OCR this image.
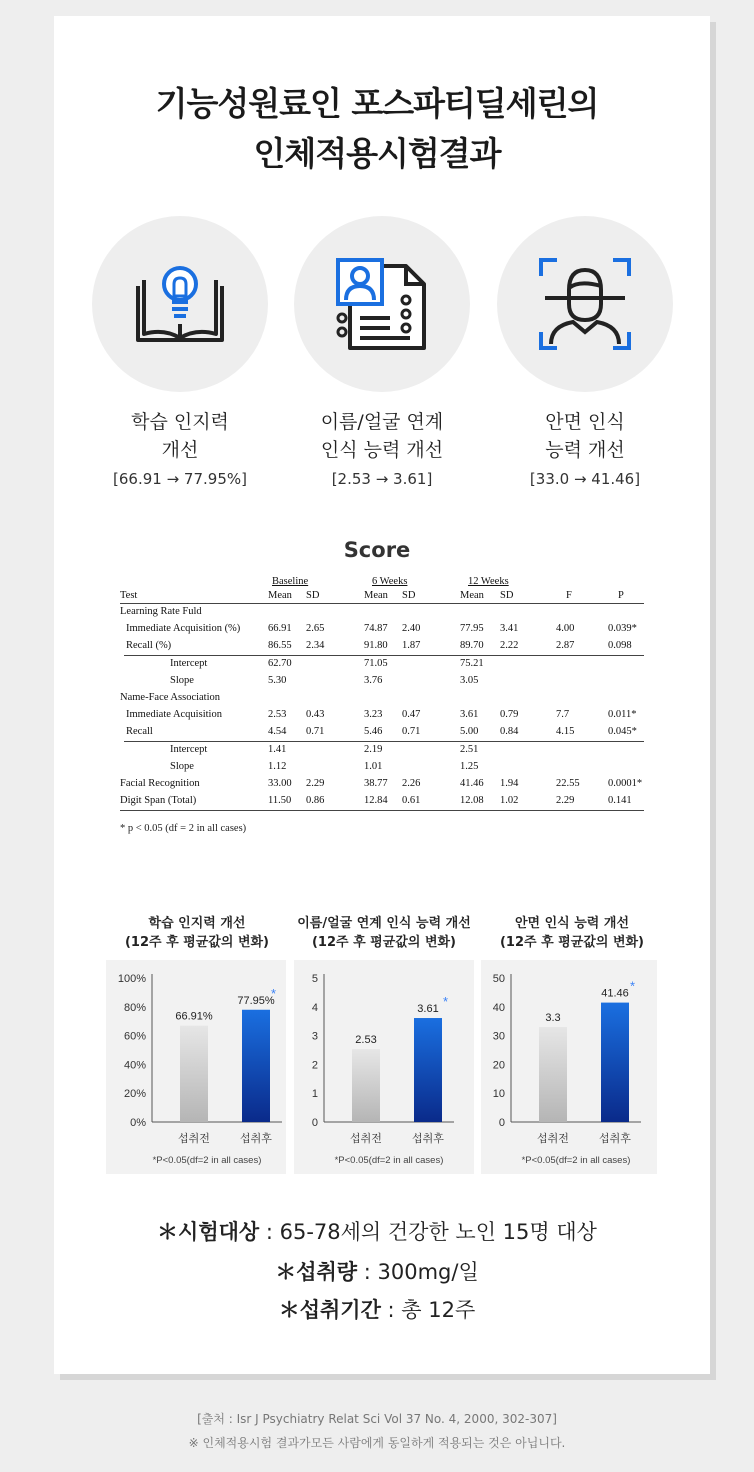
기능성원료인 포스파티딜세린의
인체적용시험결과
학습 인지력
개선
[66.91 → 77.95%]
이름/얼굴 연계
인식 능력 개선
[2.53 → 3.61]
안면 인식
능력 개선
[33.0 → 41.46]
Score
Baseline	6 Weeks	12 Weeks
Test	Mean SD	Mean SD	Mean SD	F	P
Learning Rate Fuld
Immediate Acquisition (%)	66.91 2.65	74.87 2.40	77.95 3.41	4.00	0.039*
Recall (%)	86.55 2.34	91.80 1.87	89.70 2.22	2.87	0.098
Intercept	62.70	71.05	75.21
Slope	5.30	3.76	3.05
Name-Face Association
Immediate Acquisition	2.53 0.43	3.23 0.47	3.61 0.79	7.7	0.011*
Recall	4.54 0.71	5.46 0.71	5.00 0.84	4.15	0.045*
Intercept	1.41	2.19	2.51
Slope	1.12	1.01	1.25
Facial Recognition	33.00 2.29	38.77 2.26	41.46 1.94	22.55	0.0001*
Digit Span (Total)	11.50 0.86	12.84 0.61	12.08 1.02	2.29	0.141
* p < 0.05 (df = 2 in all cases)
학습 인지력 개선
(12주 후 평균값의 변화)
이름/얼굴 연계 인식 능력 개선
(12주 후 평균값의 변화)
안면 인식 능력 개선
(12주 후 평균값의 변화)
0%
20%
40%
60%
80%
100%
66.91%
섭취전
77.95%
*
섭취후
*P<0.05(df=2 in all cases)
0
1
2
3
4
5
2.53
섭취전
3.61 *
섭취후
*P<0.05(df=2 in all cases)
0
10
20
30
40
50
3.3
섭취전
41.46 *
섭취후
*P<0.05(df=2 in all cases)
＊시험대상 : 65-78세의 건강한 노인 15명 대상
＊섭취량 : 300mg/일
＊섭취기간 : 총 12주
[출처 : Isr J Psychiatry Relat Sci Vol 37 No. 4, 2000, 302-307]
※ 인체적용시험 결과가모든 사람에게 동일하게 적용되는 것은 아닙니다.
